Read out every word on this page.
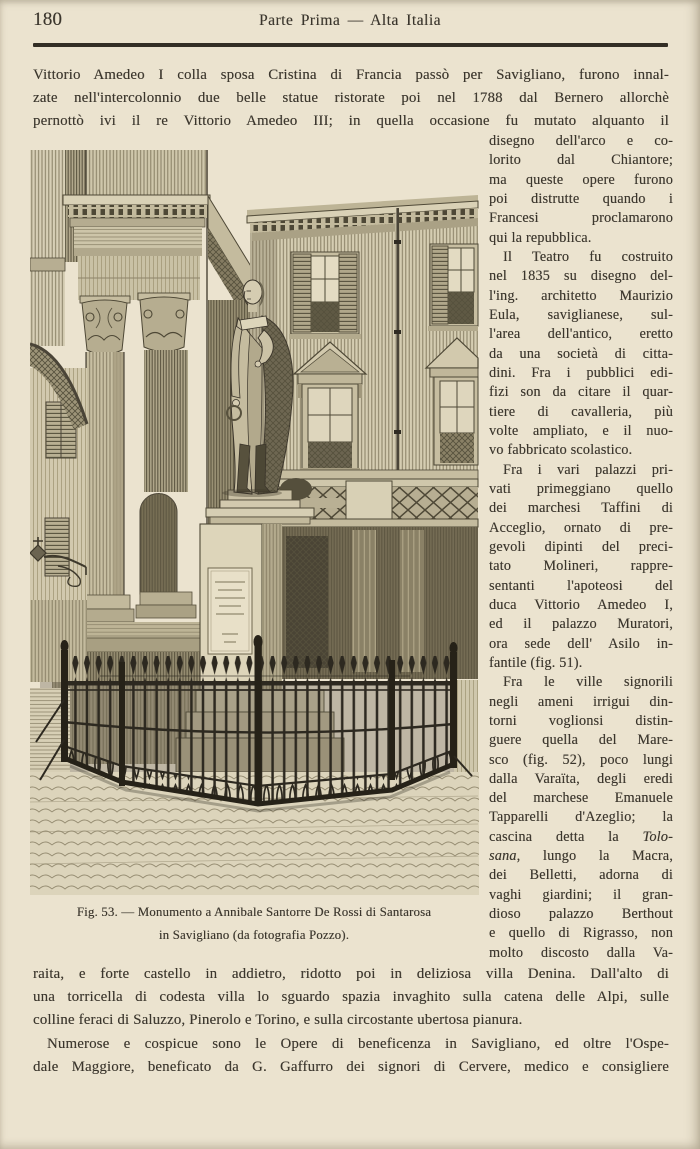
180	Parte Prima — Alta Italia
Vittorio Amedeo I colla sposa Cristina di Francia passò per Savigliano, furono innal-
zate nell'intercolonnio due belle statue ristorate poi nel 1788 dal Bernero allorchè
pernottò ivi il re Vittorio Amedeo III; in quella occasione fu mutato alquanto il
disegno dell'arco e co-
lorito dal Chiantore;
ma queste opere furono
poi distrutte quando i
Francesi proclamarono
qui la repubblica.
Il Teatro fu costruito
nel 1835 su disegno del-
l'ing. architetto Maurizio
Eula, saviglianese, sul-
l'area dell'antico, eretto
da una società di citta-
dini. Fra i pubblici edi-
fizi son da citare il quar-
tiere di cavalleria, più
volte ampliato, e il nuo-
vo fabbricato scolastico.
Fra i vari palazzi pri-
vati primeggiano quello
dei marchesi Taffini di
Acceglio, ornato di pre-
gevoli dipinti del preci-
tato Molineri, rappre-
sentanti l'apoteosi del
duca Vittorio Amedeo I,
ed il palazzo Muratori,
ora sede dell' Asilo in-
fantile (fig. 51).
Fra le ville signorili
negli ameni irrigui din-
torni voglionsi distin-
guere quella del Mare-
sco (fig. 52), poco lungi
dalla Varaïta, degli eredi
del marchese Emanuele
Tapparelli d'Azeglio; la
cascina detta la Tolo-
sana, lungo la Macra,
dei Belletti, adorna di
vaghi giardini; il gran-
dioso palazzo Berthout
e quello di Rigrasso, non
molto discosto dalla Va-
Fig. 53. — Monumento a Annibale Santorre De Rossi di Santarosa
in Savigliano (da fotografia Pozzo).
raita, e forte castello in addietro, ridotto poi in deliziosa villa Denina. Dall'alto di
una torricella di codesta villa lo sguardo spazia invaghito sulla catena delle Alpi, sulle
colline feraci di Saluzzo, Pinerolo e Torino, e sulla circostante ubertosa pianura.
Numerose e cospicue sono le Opere di beneficenza in Savigliano, ed oltre l'Ospe-
dale Maggiore, beneficato da G. Gaffurro dei signori di Cervere, medico e consigliere
